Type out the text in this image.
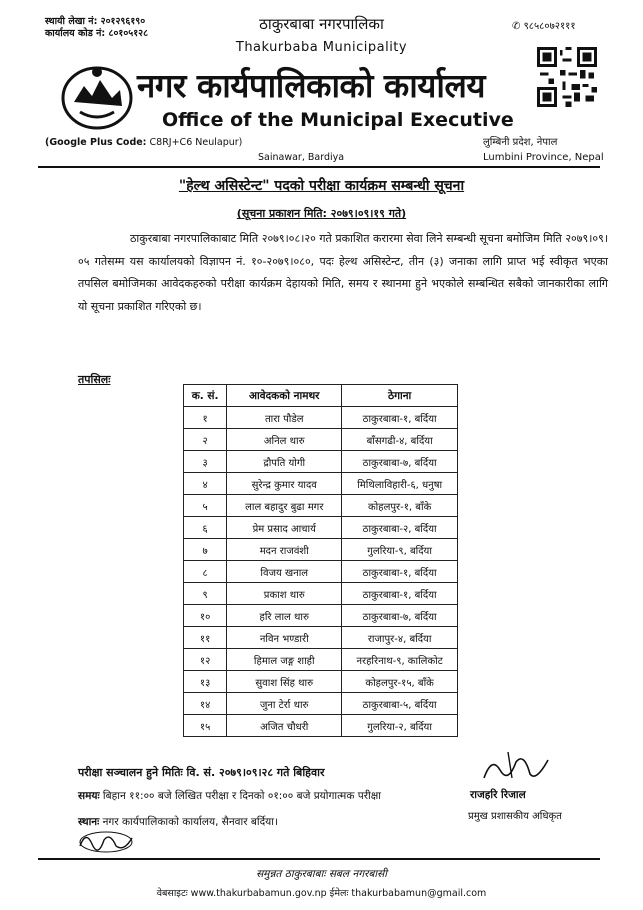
स्थायी लेखा नं: २०१२९६१९०
कार्यालय कोड नं: ८०१०५१२८
✆ ९८५८०७२१११
ठाकुरबाबा नगरपालिका
Thakurbaba Municipality
नगर कार्यपालिकाको कार्यालय
Office of the Municipal Executive
(Google Plus Code: C8RJ+C6 Neulapur)
Sainawar, Bardiya
लुम्बिनी प्रदेश, नेपाल
Lumbini Province, Nepal
"हेल्थ असिस्टेन्ट" पदको परीक्षा कार्यक्रम सम्बन्धी सूचना
(सूचना प्रकाशन मिति: २०७९।०९।१९ गते)
ठाकुरबाबा नगरपालिकाबाट मिति २०७९।०८।२० गते प्रकाशित करारमा सेवा लिने सम्बन्धी सूचना बमोजिम मिति २०७९।०९।०५ गतेसम्म यस कार्यालयको विज्ञापन नं. १०-२०७९।०८०, पदः हेल्थ असिस्टेन्ट, तीन (३) जनाका लागि प्राप्त भई स्वीकृत भएका तपसिल बमोजिमका आवेदकहरुको परीक्षा कार्यक्रम देहायको मिति, समय र स्थानमा हुने भएकोले सम्बन्धित सबैको जानकारीका लागि यो सूचना प्रकाशित गरिएको छ।
तपसिलः
क. सं.	आवेदकको नामथर	ठेगाना
१	तारा पौडेल	ठाकुरबाबा-१, बर्दिया
२	अनिल थारु	बाँसगढी-४, बर्दिया
३	द्रौपति योगी	ठाकुरबाबा-७, बर्दिया
४	सुरेन्द्र कुमार यादव	मिथिलाविहारी-६, धनुषा
५	लाल बहादुर बुढा मगर	कोहलपुर-१, बाँके
६	प्रेम प्रसाद आचार्य	ठाकुरबाबा-२, बर्दिया
७	मदन राजवंशी	गुलरिया-९, बर्दिया
८	विजय खनाल	ठाकुरबाबा-१, बर्दिया
९	प्रकाश थारु	ठाकुरबाबा-१, बर्दिया
१०	हरि लाल थारु	ठाकुरबाबा-७, बर्दिया
११	नविन भण्डारी	राजापुर-४, बर्दिया
१२	हिमाल जङ्ग शाही	नरहरिनाथ-९, कालिकोट
१३	सुवाश सिंह थारु	कोहलपुर-१५, बाँके
१४	जुना टेर्रा थारु	ठाकुरबाबा-५, बर्दिया
१५	अजित चौधरी	गुलरिया-२, बर्दिया
परीक्षा सञ्चालन हुने मितिः वि. सं. २०७९।०९।२८ गते बिहिवार
समयः बिहान ११:०० बजे लिखित परीक्षा र दिनको ०१:०० बजे प्रयोगात्मक परीक्षा
स्थानः नगर कार्यपालिकाको कार्यालय, सैनवार बर्दिया।
राजहरि रिजाल
प्रमुख प्रशासकीय अधिकृत
समुन्नत ठाकुरबाबाः सबल नगरबासी
वेबसाइटः www.thakurbabamun.gov.np ईमेलः thakurbabamun@gmail.com
